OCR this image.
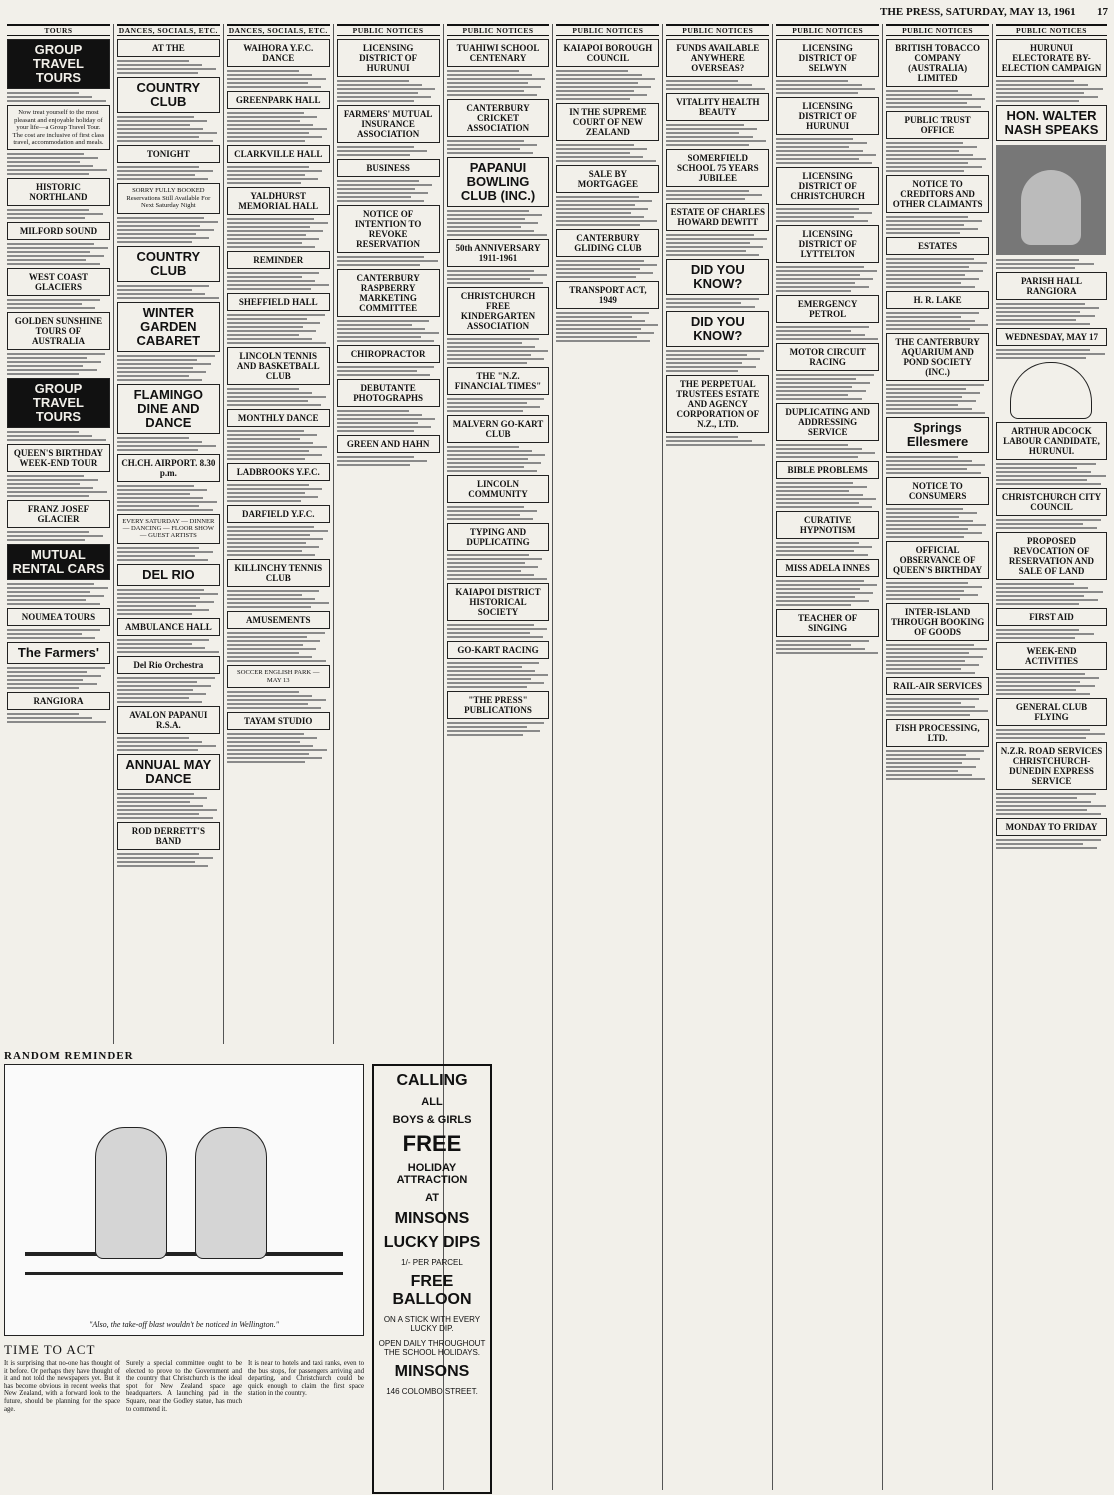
THE PRESS, SATURDAY, MAY 13, 1961 17
TOURS
GROUP TRAVEL TOURS
Now treat yourself to the most pleasant and enjoyable holiday of your life—a Group Travel Tour. The cost are inclusive of first class travel, accommodation and meals.
HISTORIC NORTHLAND
MILFORD SOUND
WEST COAST GLACIERS
GOLDEN SUNSHINE TOURS OF AUSTRALIA
GROUP TRAVEL TOURS
QUEEN'S BIRTHDAY WEEK-END TOUR
FRANZ JOSEF GLACIER
MUTUAL RENTAL CARS
NOUMEA TOURS
The Farmers'
RANGIORA
DANCES, SOCIALS, ETC.
AT THE
COUNTRY CLUB
TONIGHT
SORRY FULLY BOOKED Reservations Still Available For Next Saturday Night
COUNTRY CLUB
WINTER GARDEN CABARET
FLAMINGO DINE AND DANCE
CH.CH. AIRPORT. 8.30 p.m.
EVERY SATURDAY — DINNER — DANCING — FLOOR SHOW — GUEST ARTISTS
DEL RIO
AMBULANCE HALL
Del Rio Orchestra
AVALON PAPANUI R.S.A.
ANNUAL MAY DANCE
ROD DERRETT'S BAND
DANCES, SOCIALS, ETC.
WAIHORA Y.F.C. DANCE
GREENPARK HALL
CLARKVILLE HALL
YALDHURST MEMORIAL HALL
REMINDER
SHEFFIELD HALL
LINCOLN TENNIS AND BASKETBALL CLUB
MONTHLY DANCE
LADBROOKS Y.F.C.
DARFIELD Y.F.C.
KILLINCHY TENNIS CLUB
AMUSEMENTS
SOCCER ENGLISH PARK — MAY 13
TAYAM STUDIO
PUBLIC NOTICES
LICENSING DISTRICT OF HURUNUI
FARMERS' MUTUAL INSURANCE ASSOCIATION
BUSINESS
NOTICE OF INTENTION TO REVOKE RESERVATION
CANTERBURY RASPBERRY MARKETING COMMITTEE
CHIROPRACTOR
DEBUTANTE PHOTOGRAPHS
GREEN AND HAHN
PUBLIC NOTICES
TUAHIWI SCHOOL CENTENARY
CANTERBURY CRICKET ASSOCIATION
PAPANUI BOWLING CLUB (INC.)
50th ANNIVERSARY 1911-1961
CHRISTCHURCH FREE KINDERGARTEN ASSOCIATION
THE "N.Z. FINANCIAL TIMES"
MALVERN GO-KART CLUB
LINCOLN COMMUNITY
TYPING AND DUPLICATING
KAIAPOI DISTRICT HISTORICAL SOCIETY
GO-KART RACING
"THE PRESS" PUBLICATIONS
PUBLIC NOTICES
KAIAPOI BOROUGH COUNCIL
IN THE SUPREME COURT OF NEW ZEALAND
SALE BY MORTGAGEE
CANTERBURY GLIDING CLUB
TRANSPORT ACT, 1949
PUBLIC NOTICES
FUNDS AVAILABLE ANYWHERE OVERSEAS?
VITALITY HEALTH BEAUTY
SOMERFIELD SCHOOL 75 YEARS JUBILEE
ESTATE OF CHARLES HOWARD DEWITT
DID YOU KNOW?
DID YOU KNOW?
THE PERPETUAL TRUSTEES ESTATE AND AGENCY CORPORATION OF N.Z., LTD.
PUBLIC NOTICES
LICENSING DISTRICT OF SELWYN
LICENSING DISTRICT OF HURUNUI
LICENSING DISTRICT OF CHRISTCHURCH
LICENSING DISTRICT OF LYTTELTON
EMERGENCY PETROL
MOTOR CIRCUIT RACING
DUPLICATING AND ADDRESSING SERVICE
BIBLE PROBLEMS
CURATIVE HYPNOTISM
MISS ADELA INNES
TEACHER OF SINGING
PUBLIC NOTICES
BRITISH TOBACCO COMPANY (AUSTRALIA) LIMITED
PUBLIC TRUST OFFICE
NOTICE TO CREDITORS AND OTHER CLAIMANTS
ESTATES
H. R. LAKE
THE CANTERBURY AQUARIUM AND POND SOCIETY (INC.)
Springs Ellesmere
NOTICE TO CONSUMERS
OFFICIAL OBSERVANCE OF QUEEN'S BIRTHDAY
INTER-ISLAND THROUGH BOOKING OF GOODS
RAIL-AIR SERVICES
FISH PROCESSING, LTD.
PUBLIC NOTICES
HURUNUI ELECTORATE BY-ELECTION CAMPAIGN
HON. WALTER NASH SPEAKS
PARISH HALL RANGIORA
WEDNESDAY, MAY 17
ARTHUR ADCOCK LABOUR CANDIDATE, HURUNUI.
CHRISTCHURCH CITY COUNCIL
PROPOSED REVOCATION OF RESERVATION AND SALE OF LAND
FIRST AID
WEEK-END ACTIVITIES
GENERAL CLUB FLYING
N.Z.R. ROAD SERVICES CHRISTCHURCH-DUNEDIN EXPRESS SERVICE
MONDAY TO FRIDAY
RANDOM REMINDER
"Also, the take-off blast wouldn't be noticed in Wellington."
TIME TO ACT

It is surprising that no-one has thought of it before. Or perhaps they have thought of it and not told the newspapers yet. But it has become obvious in recent weeks that New Zealand, with a forward look to the future, should be planning for the space age.

Surely a special committee ought to be elected to prove to the Government and the country that Christchurch is the ideal spot for New Zealand space age headquarters. A launching pad in the Square, near the Godley statue, has much to commend it.

It is near to hotels and taxi ranks, even to the bus stops, for passengers arriving and departing, and Christchurch could be quick enough to claim the first space station in the country.

CALLING
ALL
BOYS & GIRLS
FREE
HOLIDAY ATTRACTION
AT
MINSONS
LUCKY DIPS
1/- PER PARCEL
FREE BALLOON
ON A STICK WITH EVERY LUCKY DIP.
OPEN DAILY THROUGHOUT THE SCHOOL HOLIDAYS.
MINSONS
146 COLOMBO STREET.
